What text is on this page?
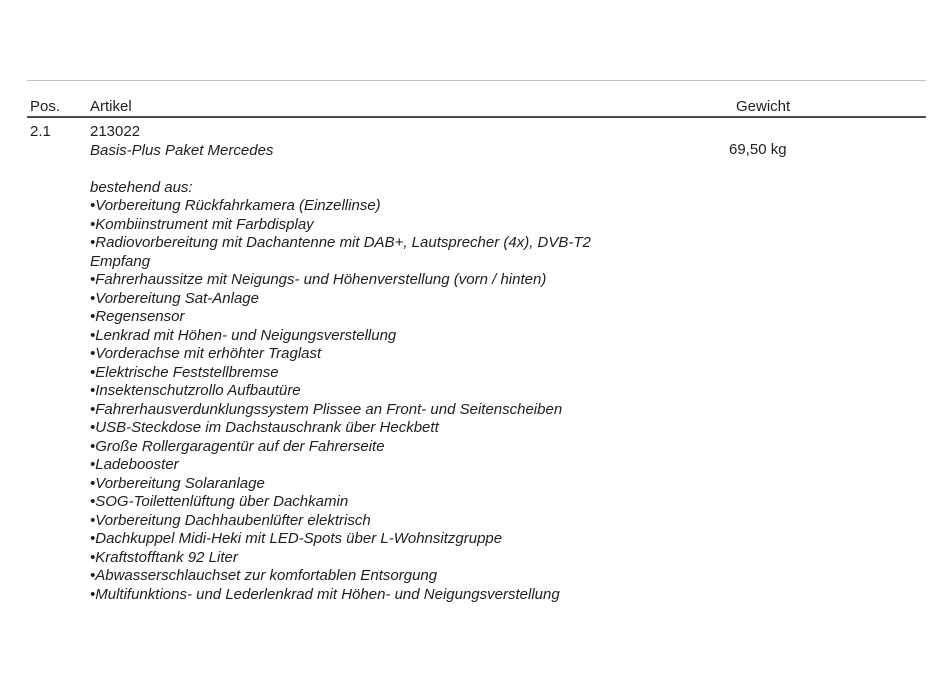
Pos. Artikel	Gewicht
2.1	213022
Basis-Plus Paket Mercedes
bestehend aus:
•Vorbereitung Rückfahrkamera (Einzellinse)
•Kombiinstrument mit Farbdisplay
•Radiovorbereitung mit Dachantenne mit DAB+, Lautsprecher (4x), DVB-T2
Empfang
•Fahrerhaussitze mit Neigungs- und Höhenverstellung (vorn / hinten)
•Vorbereitung Sat-Anlage
•Regensensor
•Lenkrad mit Höhen- und Neigungsverstellung
•Vorderachse mit erhöhter Traglast
•Elektrische Feststellbremse
•Insektenschutzrollo Aufbautüre
•Fahrerhausverdunklungssystem Plissee an Front- und Seitenscheiben
•USB-Steckdose im Dachstauschrank über Heckbett
•Große Rollergaragentür auf der Fahrerseite
•Ladebooster
•Vorbereitung Solaranlage
•SOG-Toilettenlüftung über Dachkamin
•Vorbereitung Dachhaubenlüfter elektrisch
•Dachkuppel Midi-Heki mit LED-Spots über L-Wohnsitzgruppe
•Kraftstofftank 92 Liter
•Abwasserschlauchset zur komfortablen Entsorgung
•Multifunktions- und Lederlenkrad mit Höhen- und Neigungsverstellung
69,50 kg
